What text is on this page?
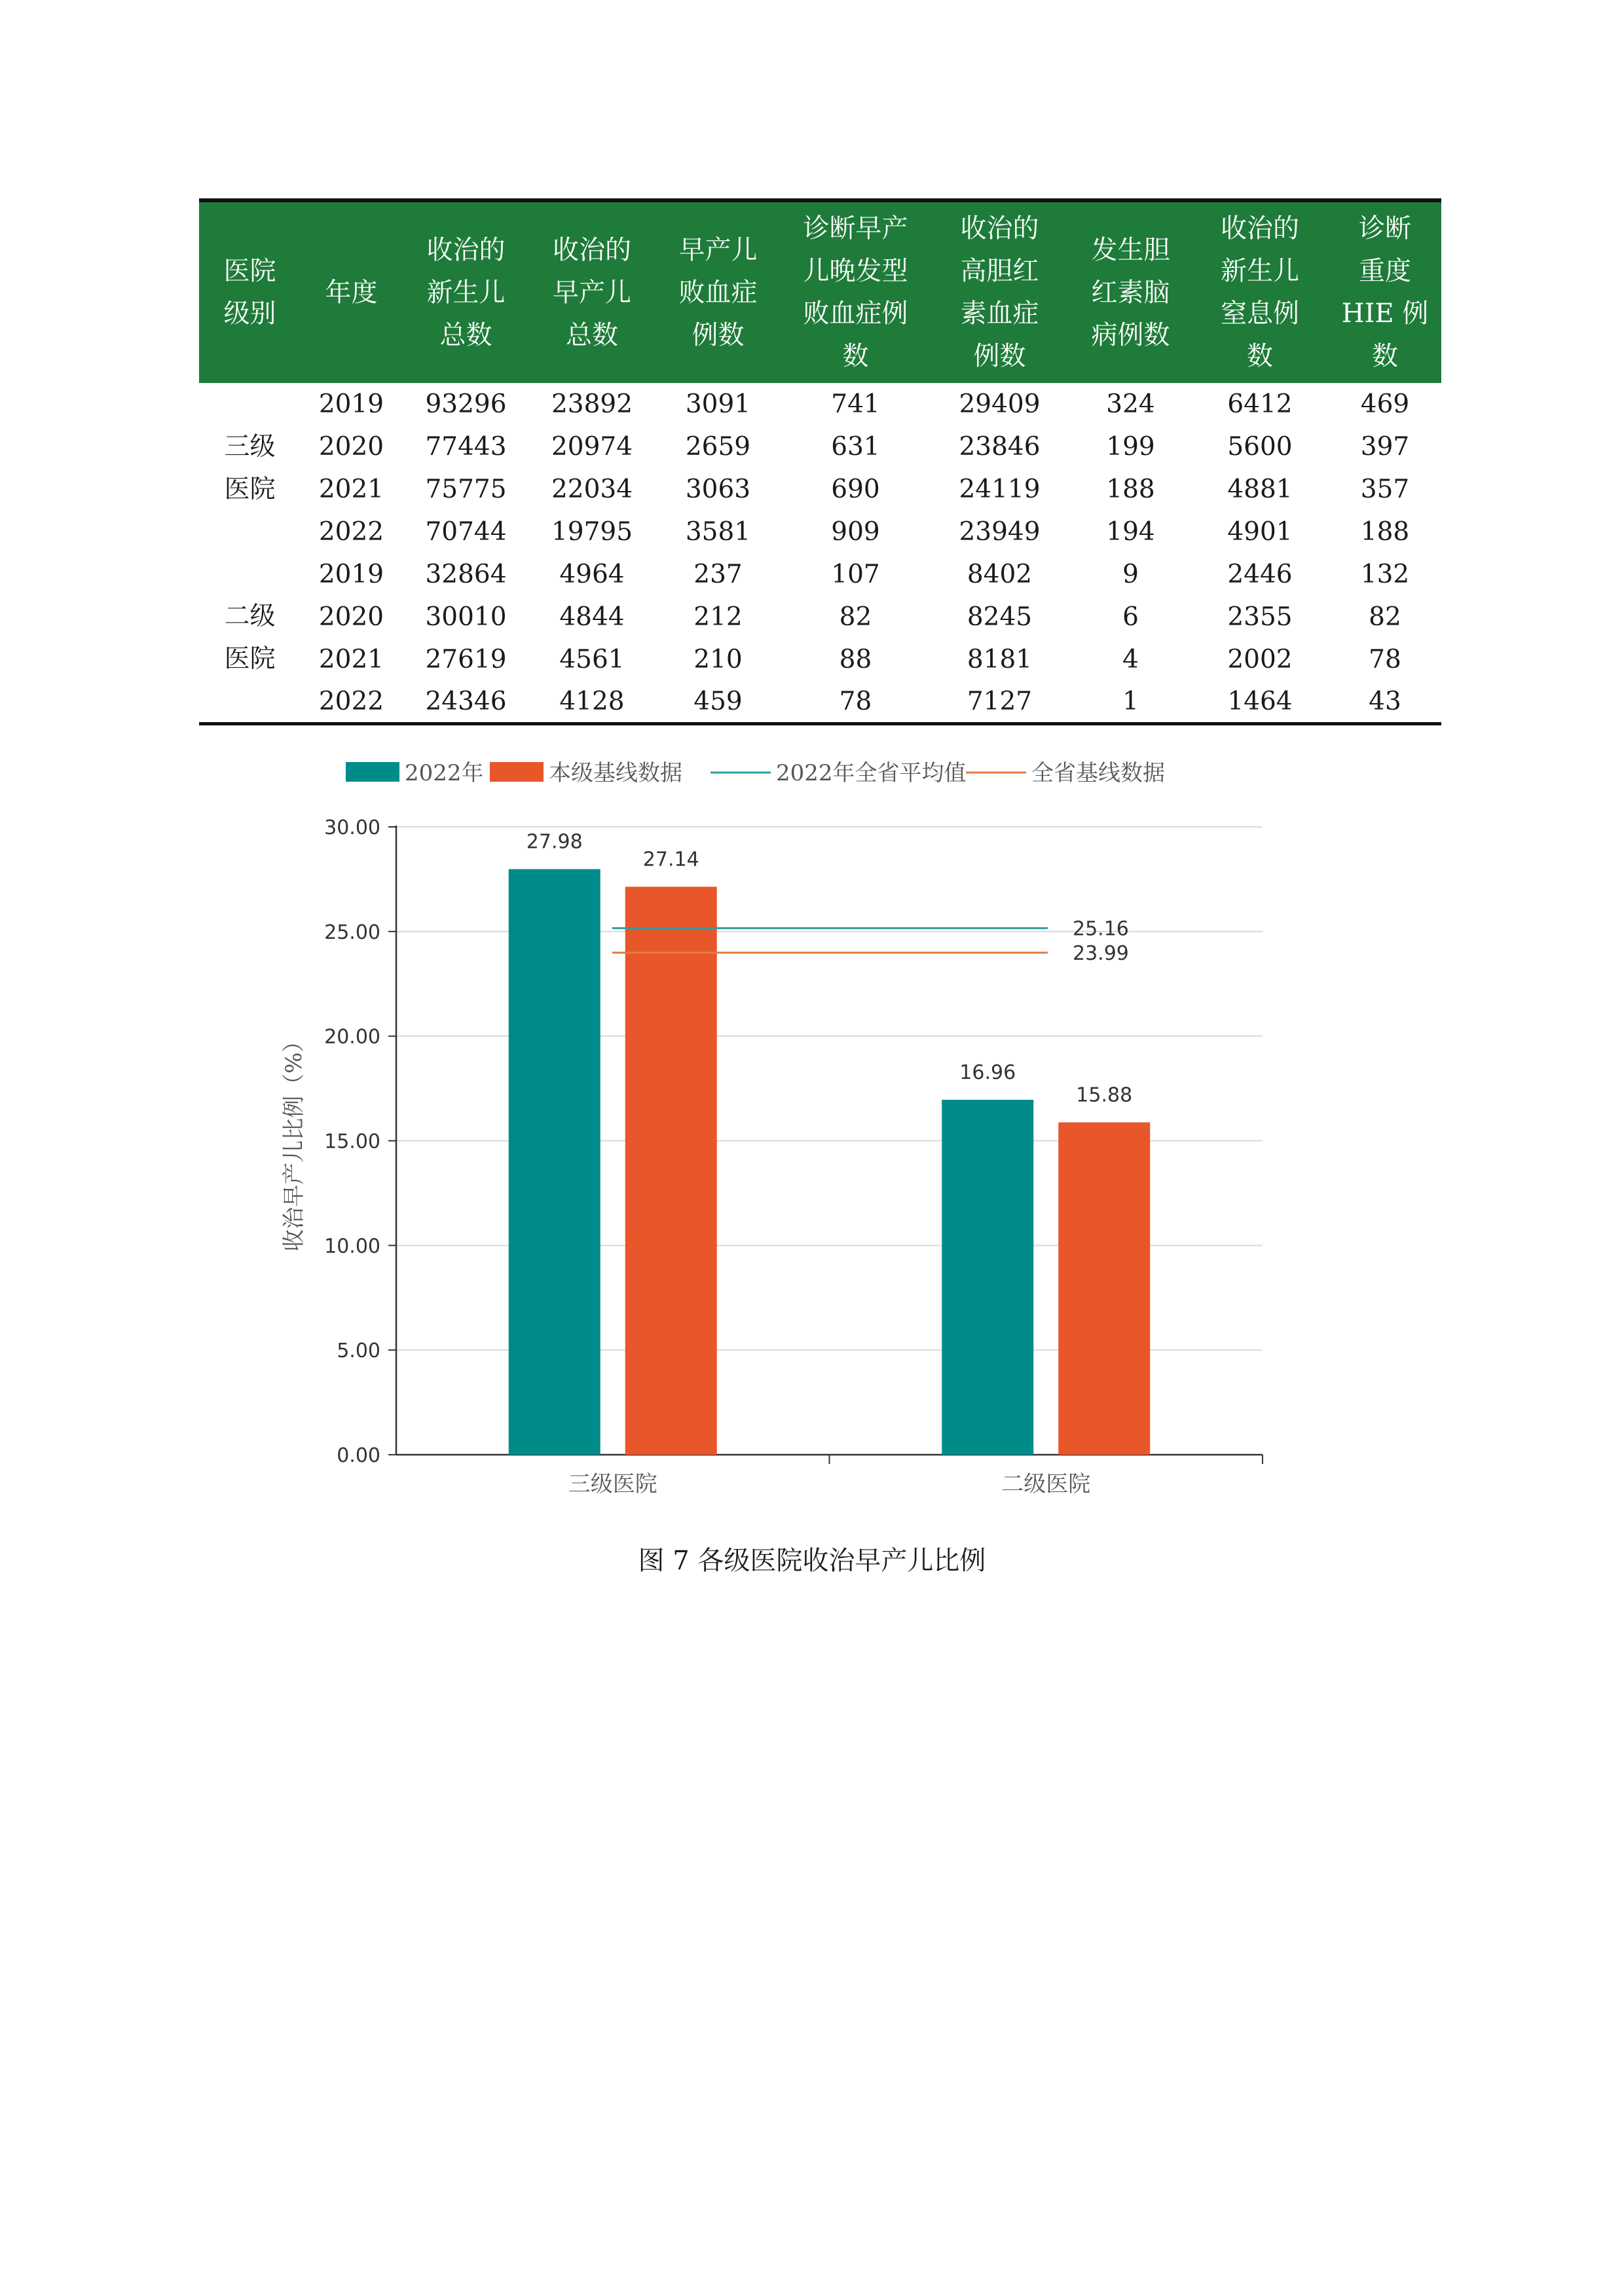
医院
级别	年度	收治的
新生儿
总数	收治的
早产儿
总数	早产儿
败血症
例数	诊断早产
儿晚发型
败血症例
数	收治的
高胆红
素血症
例数	发生胆
红素脑
病例数	收治的
新生儿
窒息例
数	诊断
重度
HIE 例
数

三级
医院	2019	93296	23892	3091	741	29409	324	6412	469
	2020	77443	20974	2659	631	23846	199	5600	397
	2021	75775	22034	3063	690	24119	188	4881	357
	2022	70744	19795	3581	909	23949	194	4901	188

二级
医院	2019	32864	4964	237	107	8402	9	2446	132
	2020	30010	4844	212	82	8245	6	2355	82
	2021	27619	4561	210	88	8181	4	2002	78
	2022	24346	4128	459	78	7127	1	1464	43
0.00
5.00
10.00
15.00
20.00
25.00
30.00
三级医院
27.98
27.14
二级医院
16.96
15.88
25.16
23.99
收治早产儿比例（%）
2022年	本级基线数据	2022年全省平均值	全省基线数据
图 7 各级医院收治早产儿比例
